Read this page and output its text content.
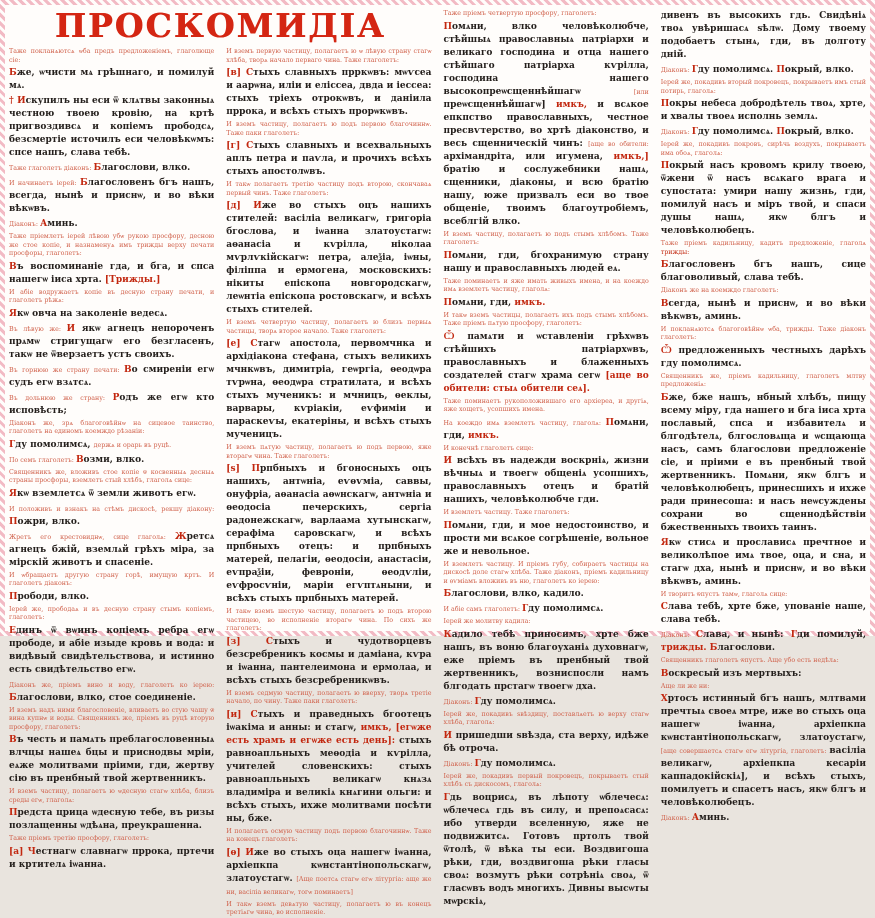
ПРОСКОМИДІА

Таже покланѧютсѧ ѡба предъ предложеніемъ, глаголюще сіе:

Бже, ѡчисти мѧ грѣшнаго, и помилуй мѧ.

† Искупилъ ны еси ѿ клѧтвы законныѧ честною твоею кровію, на кртѣ пригвоздивсѧ и копіемъ прободсѧ, безсмертіе источилъ еси человѣкѡмъ: спсе нашъ, слава тебѣ.

Таже глаголетъ діаконъ: Благослови, влко.

И начинаетъ іерей: Благословенъ бгъ нашъ, всегда, нынѣ и приснѡ, и во вѣки вѣкѡвъ.

Діаконъ: Аминь.

Таже пріемлетъ іерей лѣвою убѡ рукою просфору, десною же стое копіе, и назнаменуѧ имъ трижды верху печати просфоры, глаголетъ:

Въ воспоминаніе гда, и бга, и спса нашегѡ іиса хрта. [Трижды.]

И абіе водружаетъ копіе въ десную страну печати, и глаголетъ рѣжѧ:

Якѡ овча на заколеніе ведесѧ.

Въ лѣвую же: И якѡ агнецъ непороченъ прѧмѡ стригущагѡ его безгласенъ, такѡ не ѿверзаетъ устъ своихъ.

Въ горнюю же страну печати: Во смиреніи егѡ судъ егѡ взѧтсѧ.

Въ дольнюю же страну: Родъ же егѡ кто исповѣсть;

Діаконъ же, зрѧ благоговѣйнѡ на сицевое таинство, глаголетъ на единомъ коемждо рѣзаніи:

Гду помолимсѧ, держѧ и орарь въ руцѣ.

По семъ глаголетъ: Возми, влко.

Священникъ же, вложивъ стое копіе ѿ косвенныѧ десныѧ страны просфоры, вземлетъ стый хлѣбъ, глаголѧ сице:

Якѡ вземлетсѧ ѿ земли животъ егѡ.

И положивъ и взнакъ на стѣмъ дискосѣ, рекшу діакону: Пожри, влко.

Жретъ его крестовиднѡ, сице глаголѧ: Жретсѧ агнецъ бжій, вземлѧй грѣхъ міра, за мірскій животъ и спасеніе.

И ѡбращаетъ другую страну горѣ, имущую кртъ. И глаголетъ діаконъ:

Прободи, влко.

Іерей же, прободаѧ и въ десную страну стымъ копіемъ, глаголетъ:

Единъ ѿ вѡинъ копіемъ ребра егѡ прободе, и абіе изыде кровь и вода: и видѣвый свидѣтельствова, и истинно есть свидѣтельство егѡ.

Діаконъ же, пріемъ вино и воду, глаголетъ ко іерею: Благослови, влко, стое соединеніе.

И вземъ надъ ними благословеніе, вливаетъ во стую чашу ѿ вина купнѡ и воды. Священникъ же, пріемъ въ руцѣ вторую просфору, глаголетъ:

Въ честь и памѧть преблагословенныѧ влчцы нашеѧ бцы и приснодвы мріи, еѧже молитвами пріими, гди, жертву сію въ пренбный твой жертвенникъ.

И вземъ частицу, полагаетъ ю ѡдесную стагѡ хлѣба, близъ среды егѡ, глаголѧ:

Предста црица ѡдесную тебе, въ ризы позлащенны ѡдѣѧна, преукрашенна.

Таже пріемъ третію просфору, глаголетъ:

[а] Честнагѡ славнагѡ пррока, пртечи и кртителѧ іѡанна.

И вземъ первую частицу, полагаетъ ю ѡ лѣвую страну стагѡ хлѣба, творѧ начало перваго чина. Таже глаголетъ:

[в] Стыхъ славныхъ прркѡвъ: мѡѵсеа и аарѡна, иліи и еліссеа, двда и іессеа: стыхъ тріехъ отрокѡвъ, и даніила пррока, и всѣхъ стыхъ прорѡкѡвъ.

И вземъ частицу, полагаетъ ю подъ первою благочиннѡ. Таже паки глаголетъ:

[г] Стыхъ славныхъ и всехвальныхъ аплъ петра и паѵла, и прочихъ всѣхъ стыхъ апостолѡвъ.

И такѡ полагаетъ третію частицу подъ второю, скончаваѧ первый чинъ. Таже глаголетъ:

[д] Иже во стыхъ оцъ нашихъ стителей: васіліа великагѡ, григоріа бгослова, и іѡанна златоустагѡ: аѳанасіа и кѵрілла, ніколаа мѵрлѵкійскагѡ: петра, алеѯіа, іѡны, філіппа и ермогена, московскихъ: нікиты епіскопа новгородскагѡ, леѡнтіа епіскопа ростовскагѡ, и всѣхъ стыхъ стителей.

И вземъ четвертую частицу, полагаетъ ю близъ первыѧ частицы, творѧ второе начало. Таже глаголетъ:

[е] Стагѡ апостола, первомчнка и архідіакона стефана, стыхъ великихъ мчнкѡвъ, димитріа, геѡргіа, ѳеодѡра тѵрѡна, ѳеодѡра стратилата, и всѣхъ стыхъ мученикъ: и мчницъ, ѳеклы, варвары, кѵріакіи, еѵфиміи и параскеѵы, екатеріны, и всѣхъ стыхъ мученицъ.

И вземъ пѧтую частицу, полагаетъ ю подъ первою, яже вторагѡ чина. Таже глаголетъ:

[ѕ] Прпбныхъ и бгоносныхъ оцъ нашихъ, антѡніа, еѵѳѵміа, саввы, онуфріа, аѳанасіа аѳѡнскагѡ, антѡніа и ѳеодосіа печерскихъ, сергіа радонежскагѡ, варлаама хутынскагѡ, серафіма саровскагѡ, и всѣхъ прпбныхъ отецъ: и прпбныхъ матерей, пелагіи, ѳеодосіи, анастасіи, еѵпраѯіи, февроніи, ѳеодѵліи, еѵфросѵніи, маріи егѵптѧныни, и всѣхъ стыхъ прпбныхъ матерей.

И такѡ вземъ шестую частицу, полагаетъ ю подъ второю частицею, во исполненіе вторагѡ чина. По сихъ же глаголетъ:

[з] Стыхъ и чудотворцевъ безсребреникъ космы и даміана, кѵра и іѡанна, пантелеимона и ермолаа, и всѣхъ стыхъ безсребреникѡвъ.

И вземъ седмую частицу, полагаетъ ю вверху, творѧ третіе начало, по чину. Таже паки глаголетъ:

[и] Стыхъ и праведныхъ бгоотецъ іѡакіма и анны: и стагѡ, имкъ, [егѡже есть храмъ и егѡже есть день]: стыхъ равноапльныхъ меѳодіа и кѵрілла, учителей словенскихъ: стыхъ равноапльныхъ великагѡ кнѧзѧ владиміра и великіѧ кнѧгини ольги: и всѣхъ стыхъ, ихже молитвами посѣти ны, бже.

И полагаетъ осмую частицу подъ первою благочиннѡ. Таже на конецъ глаголетъ:

[ѳ] Иже во стыхъ оца нашегѡ іѡанна, архіепкпа кѡнстантінопольскагѡ, златоустагѡ. [Аще поетсѧ стагѡ егѡ літургіа: аще же ни, васіліа великагѡ, тогѡ поминаетъ]

И такѡ вземъ девѧтую частицу, полагаетъ ю въ конецъ третіѧгѡ чина, во исполненіе.

Таже пріемъ четвертую просфору, глаголетъ:

Помѧни, влко человѣколюбче, стѣйшыѧ православныѧ патріархи и великаго господина и отца нашего стѣйшаго патріарха кѵрілла, господина нашего высокопреѡсщеннѣйшагѡ [или преѡсщеннѣйшагѡ] имкъ, и всѧкое епкпство православныхъ, честное пресвѵтерство, во хртѣ діаконство, и весь сщенническій чинъ: [аще во обители: архімандріта, или игумена, имкъ,] братію и сослужебники нашѧ, сщенники, діаконы, и всю братію нашу, юже призвалъ еси во твое общеніе, твоимъ благоутробіемъ, всеблгій влко.

И вземъ частицу, полагаетъ ю подъ стымъ хлѣбомъ. Таже глаголетъ:

Помѧни, гди, бгохранимую страну нашу и православныхъ людей еѧ.

Таже поминаетъ и яже имать живыхъ имена, и на коеждо имѧ вземлетъ частицу, глаголѧ:

Помѧни, гди, имкъ.

И такѡ вземъ частицы, полагаетъ ихъ подъ стымъ хлѣбомъ. Таже пріемъ пѧтую просфору, глаголетъ:

Ѽ памѧти и ѡставленіи грѣхѡвъ стѣйшихъ патріархѡвъ, православныхъ и блаженныхъ создателей стагѡ храма сегѡ [аще во обители: стыѧ обители сеѧ].

Таже поминаетъ рукоположившаго его архіереа, и другіѧ, яже хощетъ, усопшихъ имена.

На коеждо имѧ вземлетъ частицу, глаголѧ: Помѧни, гди, имкъ.

И конечнѣ глаголетъ сице:

И всѣхъ въ надежди воскрніѧ, жизни вѣчныѧ и твоегѡ общеніѧ усопшихъ, православныхъ отецъ и братій нашихъ, человѣколюбче гди.

И вземлетъ частицу. Таже глаголетъ:

Помѧни, гди, и мое недостоинство, и прости ми всѧкое согрѣшеніе, вольное же и невольное.

И вземлетъ частицу. И пріемъ губу, собираетъ частицы на дискосѣ доле стагѡ хлѣба. Таже діаконъ, пріемъ кадильницу и ѳѵміамъ вложивъ въ ню, глаголетъ ко іерею:

Благослови, влко, кадило.

И абіе самъ глаголетъ: Гду помолимсѧ.

Іерей же молитву кадила:

Кадило тебѣ приносимъ, хрте бже нашъ, въ воню благоуханіѧ духовнагѡ, еже пріемъ въ пренбный твой жертвенникъ, возниспосли намъ блгодать прстагѡ твоегѡ дха.

Діаконъ: Гду помолимсѧ.

Іерей же, покадивъ ѕвѣздицу, поставлѧетъ ю верху стагѡ хлѣба, глаголѧ:

И пришедши ѕвѣзда, ста верху, идѣже бѣ отроча.

Діаконъ: Гду помолимсѧ.

Іерей же, покадивъ первый покровецъ, покрываетъ стый хлѣбъ съ дискосомъ, глаголѧ:

Гдь воцрисѧ, въ лѣпоту ѡблечесѧ: ѡблечесѧ гдь въ силу, и препоѧсасѧ: ибо утверди вселенную, яже не подвижитсѧ. Готовъ пртолъ твой ѿтолѣ, ѿ вѣка ты еси. Воздвигоша рѣки, гди, воздвигоша рѣки гласы своѧ: возмутъ рѣки сотрѣніѧ своѧ, ѿ гласѡвъ водъ многихъ. Дивны высѡты мѡрскіѧ,

дивенъ въ высокихъ гдь. Свидѣніѧ твоѧ увѣришасѧ ѕѣлѡ. Дому твоему подобаетъ стынѧ, гди, въ долготу дній.

Діаконъ: Гду помолимсѧ. Покрый, влко.

Іерей же, покадивъ вторый покровецъ, покрываетъ имъ стый потирь, глаголѧ:

Покры небеса добродѣтель твоѧ, хрте, и хвалы твоеѧ исполнь землѧ.

Діаконъ: Гду помолимсѧ. Покрый, влко.

Іерей же, покадивъ покровъ, сирѣчь воздухъ, покрываетъ има обоѧ, глаголѧ:

Покрый насъ кровомъ крилу твоею, ѿжени ѿ насъ всѧкаго врага и супостата: умири нашу жизнь, гди, помилуй насъ и міръ твой, и спаси душы нашѧ, якѡ блгъ и человѣколюбецъ.

Таже пріемъ кадильницу, кадитъ предложеніе, глаголѧ трижды:

Благословенъ бгъ нашъ, сице благоволивый, слава тебѣ.

Діаконъ же на коемждо глаголетъ:

Всегда, нынѣ и приснѡ, и во вѣки вѣкѡвъ, аминь.

И покланѧютсѧ благоговѣйнѡ ѡба, трижды. Таже діаконъ глаголетъ:

Ѽ предложенныхъ честныхъ дарѣхъ гду помолимсѧ.

Священникъ же, пріемъ кадильницу, глаголетъ млтву предложеніѧ:

Бже, бже нашъ, нбный хлѣбъ, пищу всему міру, гда нашего и бга іиса хрта пославый, спса и избавителѧ и блгодѣтелѧ, блгословѧща и ѡсщающа насъ, самъ благослови предложеніе сіе, и пріими е въ пренбный твой жертвенникъ. Помѧни, якѡ блгъ и человѣколюбецъ, принесшихъ и ихже ради принесоша: и насъ неѡсуждены сохрани во сщеннодѣйствіи бжественныхъ твоихъ таинъ.

Якѡ стисѧ и прослависѧ пречтное и великолѣпое имѧ твое, оца, и сна, и стагѡ дха, нынѣ и приснѡ, и во вѣки вѣкѡвъ, аминь.

И творитъ ѿпустъ тамѡ, глаголѧ сице:

Слава тебѣ, хрте бже, упованіе наше, слава тебѣ.

Діаконъ: Слава, и нынѣ: Гди помилуй, трижды. Благослови.

Священникъ глаголетъ ѿпустъ. Аще убо есть недѣлѧ:

Воскресый изъ мертвыхъ:

Аще ли же ни:

Хртосъ истинный бгъ нашъ, млтвами пречтыѧ своеѧ мтре, иже во стыхъ оца нашегѡ іѡанна, архіепкпа кѡнстантінопольскагѡ, златоустагѡ, [аще совершаетсѧ стагѡ егѡ літургіа, глаголетъ: васіліа великагѡ, архіепкпа кесаріи каппадокійскіѧ], и всѣхъ стыхъ, помилуетъ и спасетъ насъ, якѡ блгъ и человѣколюбецъ.

Діаконъ: Аминь.
